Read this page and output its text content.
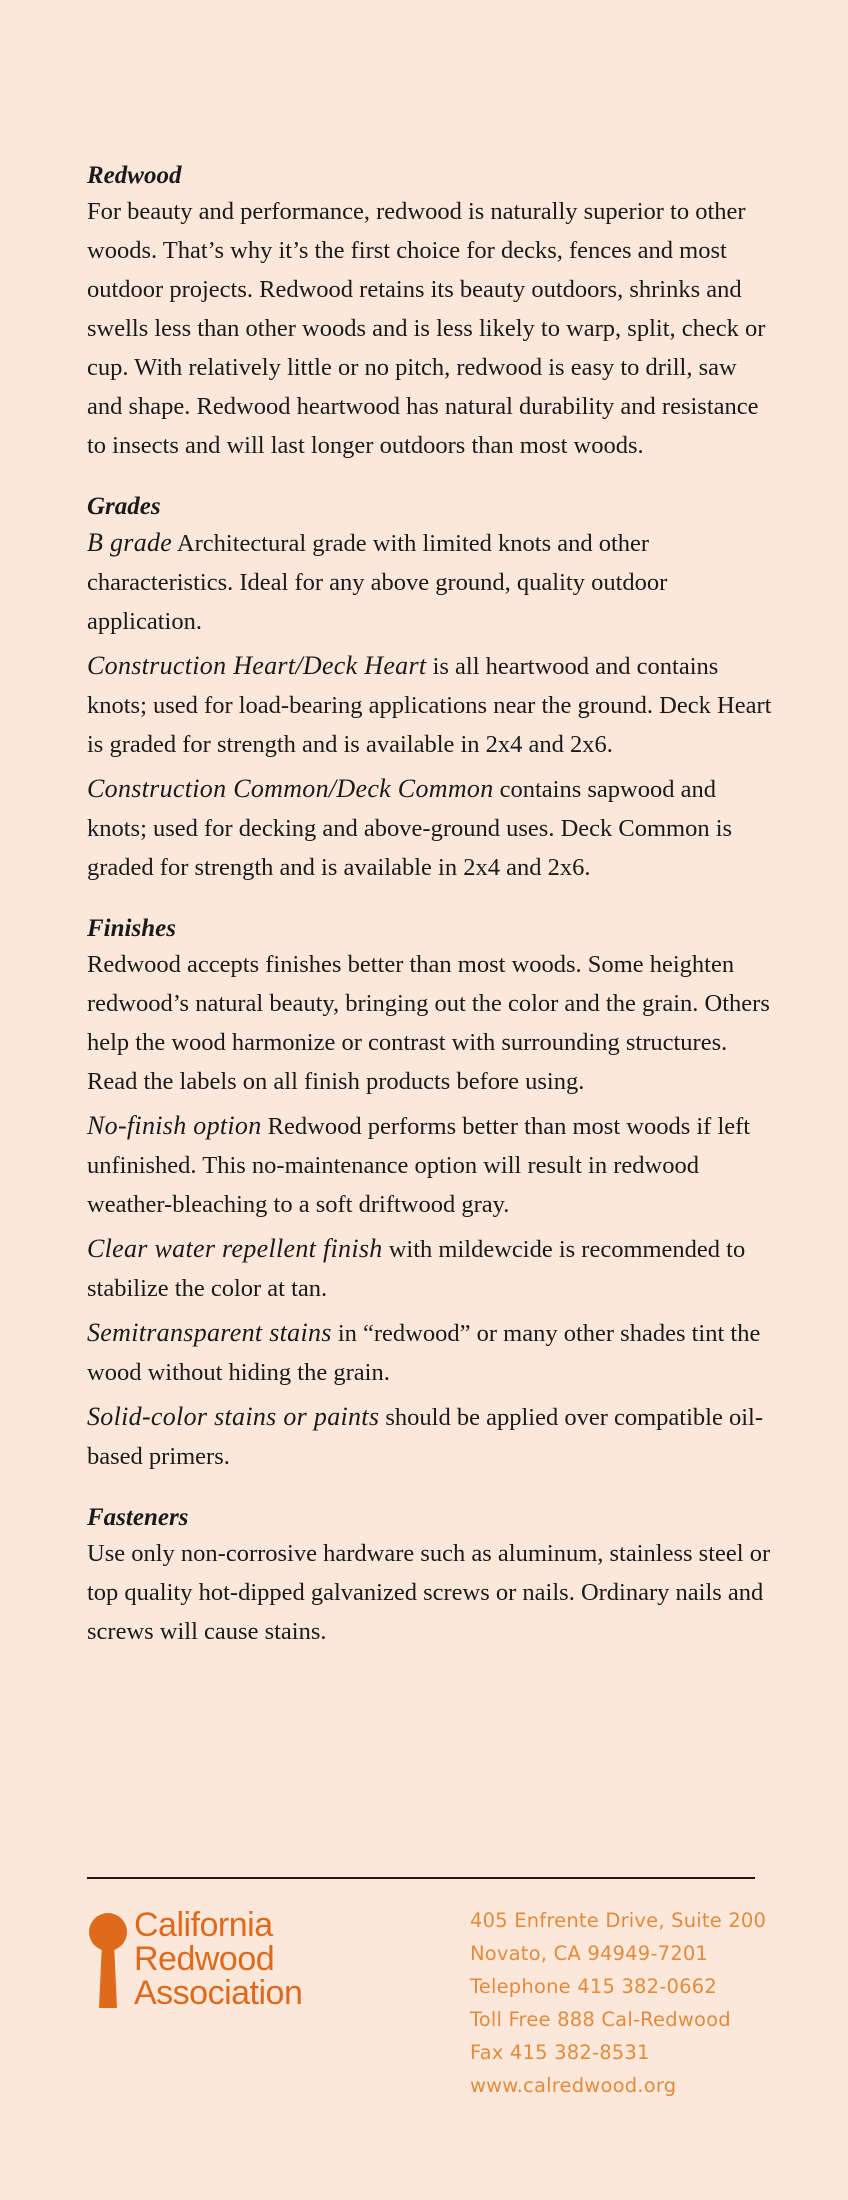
Redwood

For beauty and performance, redwood is naturally superior to other woods. That’s why it’s the first choice for decks, fences and most outdoor projects. Redwood retains its beauty outdoors, shrinks and swells less than other woods and is less likely to warp, split, check or cup. With relatively little or no pitch, redwood is easy to drill, saw and shape. Redwood heartwood has natural durability and resistance to insects and will last longer outdoors than most woods.

Grades

B grade Architectural grade with limited knots and other characteristics. Ideal for any above ground, quality outdoor application.

Construction Heart/Deck Heart is all heartwood and contains knots; used for load-bearing applications near the ground. Deck Heart is graded for strength and is available in 2x4 and 2x6.

Construction Common/Deck Common contains sapwood and knots; used for decking and above-ground uses. Deck Common is graded for strength and is available in 2x4 and 2x6.

Finishes

Redwood accepts finishes better than most woods. Some heighten redwood’s natural beauty, bringing out the color and the grain. Others help the wood harmonize or contrast with surrounding structures. Read the labels on all finish products before using.

No-finish option Redwood performs better than most woods if left unfinished. This no-maintenance option will result in redwood weather-bleaching to a soft driftwood gray.

Clear water repellent finish with mildewcide is recommended to stabilize the color at tan.

Semitransparent stains in “redwood” or many other shades tint the wood without hiding the grain.

Solid-color stains or paints should be applied over compatible oil-based primers.

Fasteners

Use only non-corrosive hardware such as aluminum, stainless steel or top quality hot-dipped galvanized screws or nails. Ordinary nails and screws will cause stains.

California
Redwood
Association
405 Enfrente Drive, Suite 200
Novato, CA 94949-7201
Telephone 415 382-0662
Toll Free 888 Cal-Redwood
Fax 415 382-8531
www.calredwood.org
